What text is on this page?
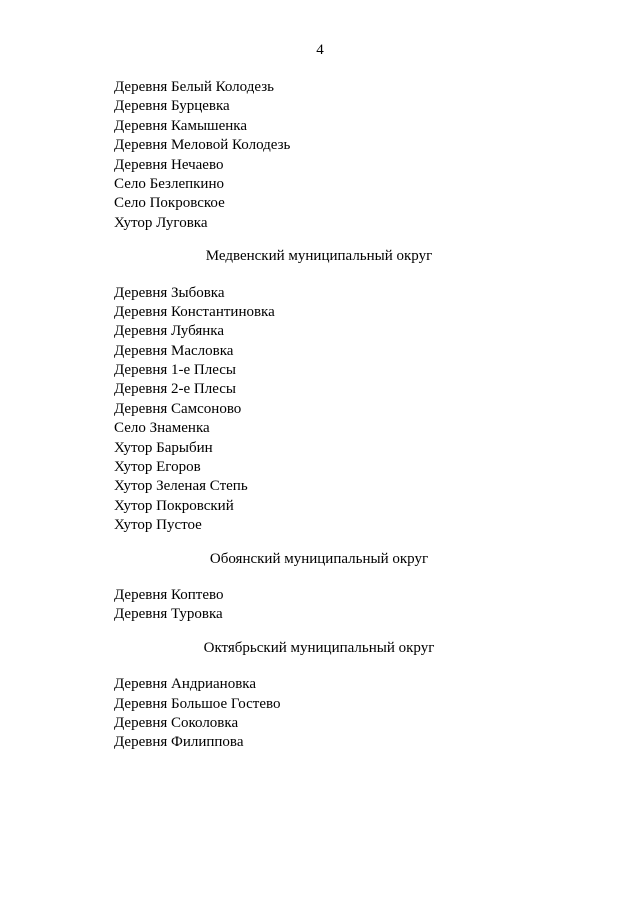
4
Деревня Белый Колодезь
Деревня Бурцевка
Деревня Камышенка
Деревня Меловой Колодезь
Деревня Нечаево
Село Безлепкино
Село Покровское
Хутор Луговка
Медвенский муниципальный округ
Деревня Зыбовка
Деревня Константиновка
Деревня Лубянка
Деревня Масловка
Деревня 1-е Плесы
Деревня 2-е Плесы
Деревня Самсоново
Село Знаменка
Хутор Барыбин
Хутор Егоров
Хутор Зеленая Степь
Хутор Покровский
Хутор Пустое
Обоянский муниципальный округ
Деревня Коптево
Деревня Туровка
Октябрьский муниципальный округ
Деревня Андриановка
Деревня Большое Гостево
Деревня Соколовка
Деревня Филиппова
